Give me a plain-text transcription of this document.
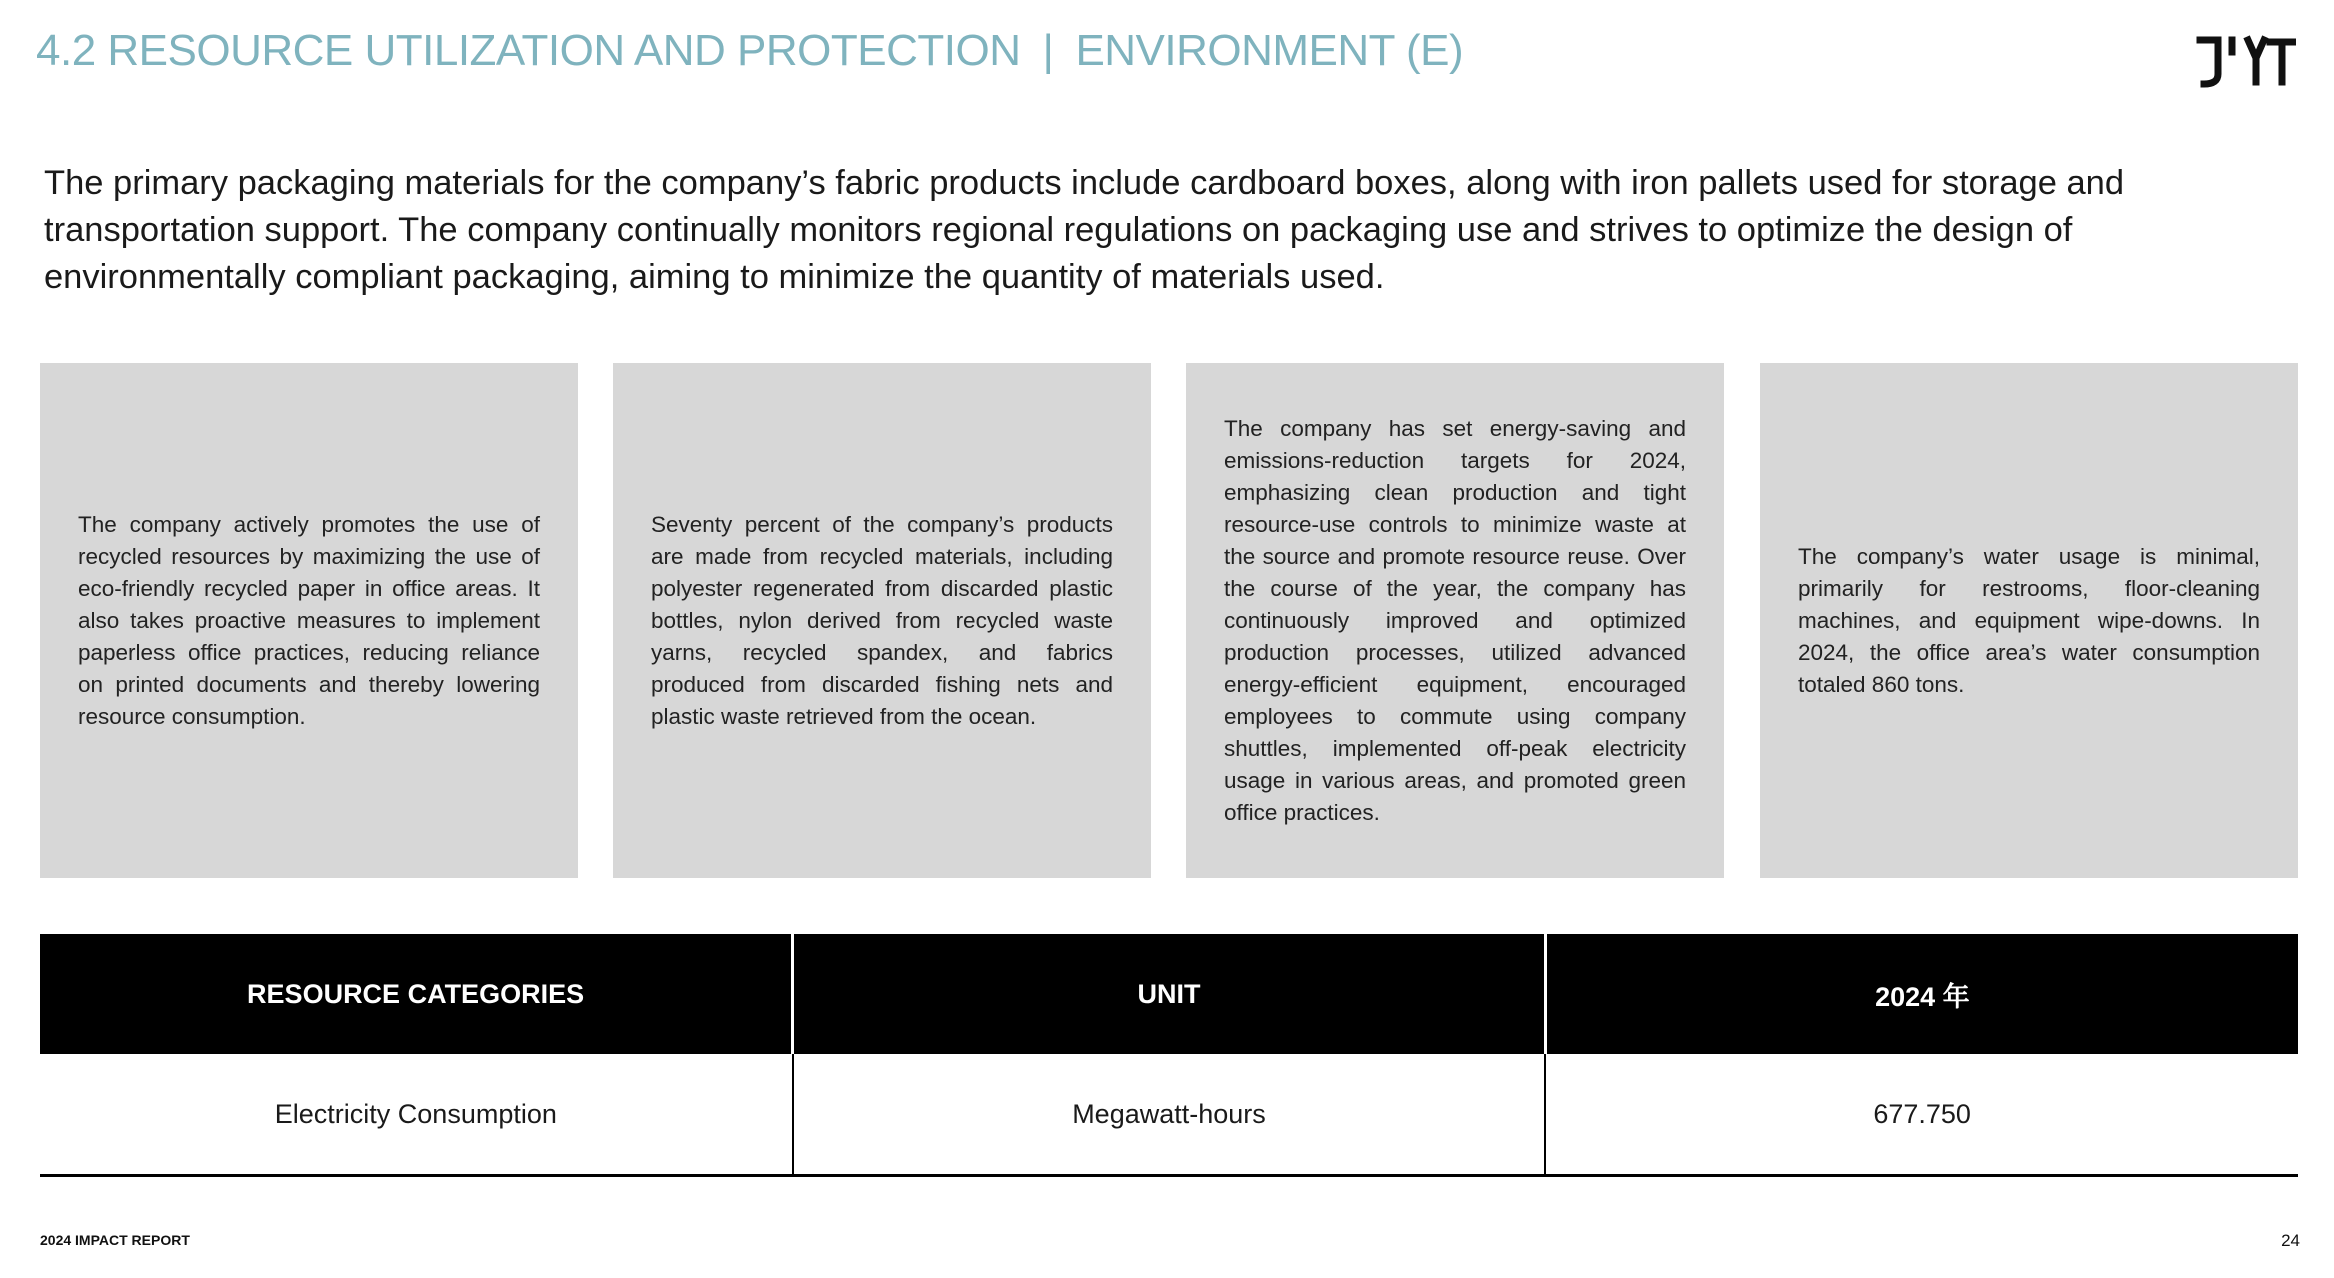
4.2 RESOURCE UTILIZATION AND PROTECTION | ENVIRONMENT (E)

The primary packaging materials for the company’s fabric products include cardboard boxes, along with iron pallets used for storage and transportation support. The company continually monitors regional regulations on packaging use and strives to optimize the design of environmentally compliant packaging, aiming to minimize the quantity of materials used.

The company actively promotes the use of recycled resources by maximizing the use of eco-friendly recycled paper in office areas. It also takes proactive measures to implement paperless office practices, reducing reliance on printed documents and thereby lowering resource consumption.

Seventy percent of the company’s products are made from recycled materials, including polyester regenerated from discarded plastic bottles, nylon derived from recycled waste yarns, recycled spandex, and fabrics produced from discarded fishing nets and plastic waste retrieved from the ocean.

The company has set energy-saving and emissions-reduction targets for 2024, emphasizing clean production and tight resource-use controls to minimize waste at the source and promote resource reuse. Over the course of the year, the company has continuously improved and optimized production processes, utilized advanced energy-efficient equipment, encouraged employees to commute using company shuttles, implemented off-peak electricity usage in various areas, and promoted green office practices.

The company’s water usage is minimal, primarily for restrooms, floor-cleaning machines, and equipment wipe-downs. In 2024, the office area’s water consumption totaled 860 tons.

RESOURCE CATEGORIES	UNIT	2024 年
Electricity Consumption	Megawatt-hours	677.750
2024 IMPACT REPORT	24
